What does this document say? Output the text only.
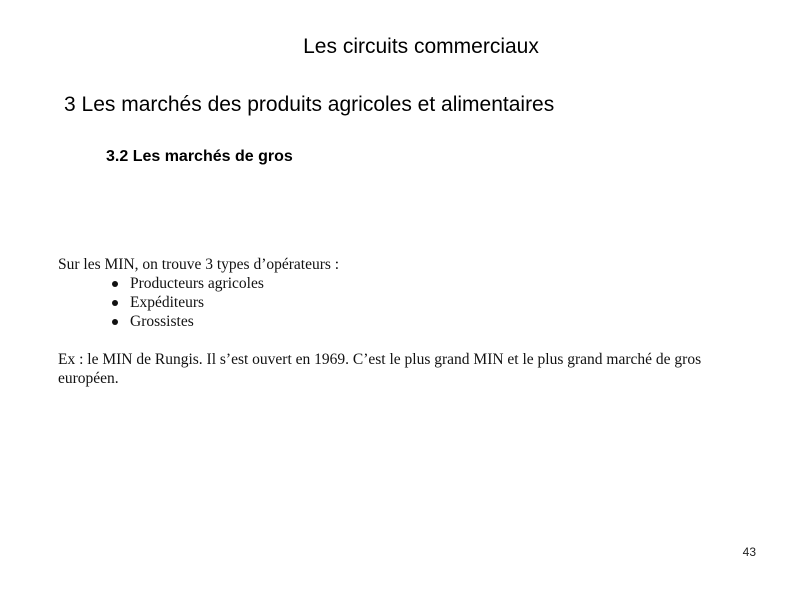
Les circuits commerciaux
3 Les marchés des produits agricoles et alimentaires
3.2 Les marchés de gros

Sur les MIN, on trouve 3 types d’opérateurs :

Producteurs agricoles
Expéditeurs
Grossistes

Ex : le MIN de Rungis. Il s’est ouvert en 1969. C’est le plus grand MIN et le plus grand marché de gros européen.

43
